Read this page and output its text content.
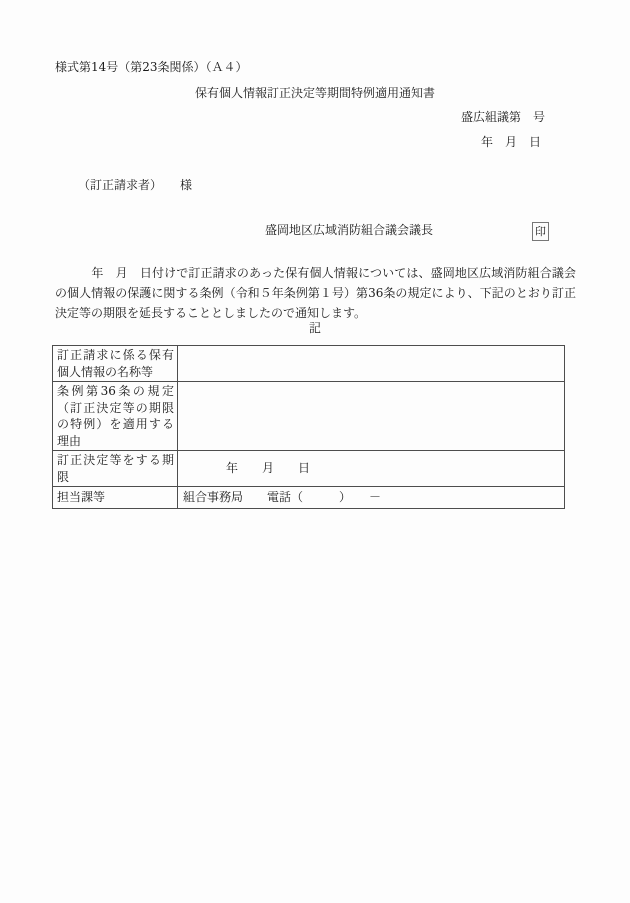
様式第14号（第23条関係）（Ａ４）
保有個人情報訂正決定等期間特例適用通知書
盛広組議第　号
年　月　日
（訂正請求者）　　様
盛岡地区広域消防組合議会議長	印
　　　年　月　日付けで訂正請求のあった保有個人情報については、盛岡地区広域消防組合議会の個人情報の保護に関する条例（令和５年条例第１号）第36条の規定により、下記のとおり訂正決定等の期限を延長することとしましたので通知します。
記
訂正請求に係る保有個人情報の名称等	
条例第36条の規定（訂正決定等の期限の特例）を適用する理由	
訂正決定等をする期限	年　　月　　日
担当課等	組合事務局　　電話（　　　）　　－
